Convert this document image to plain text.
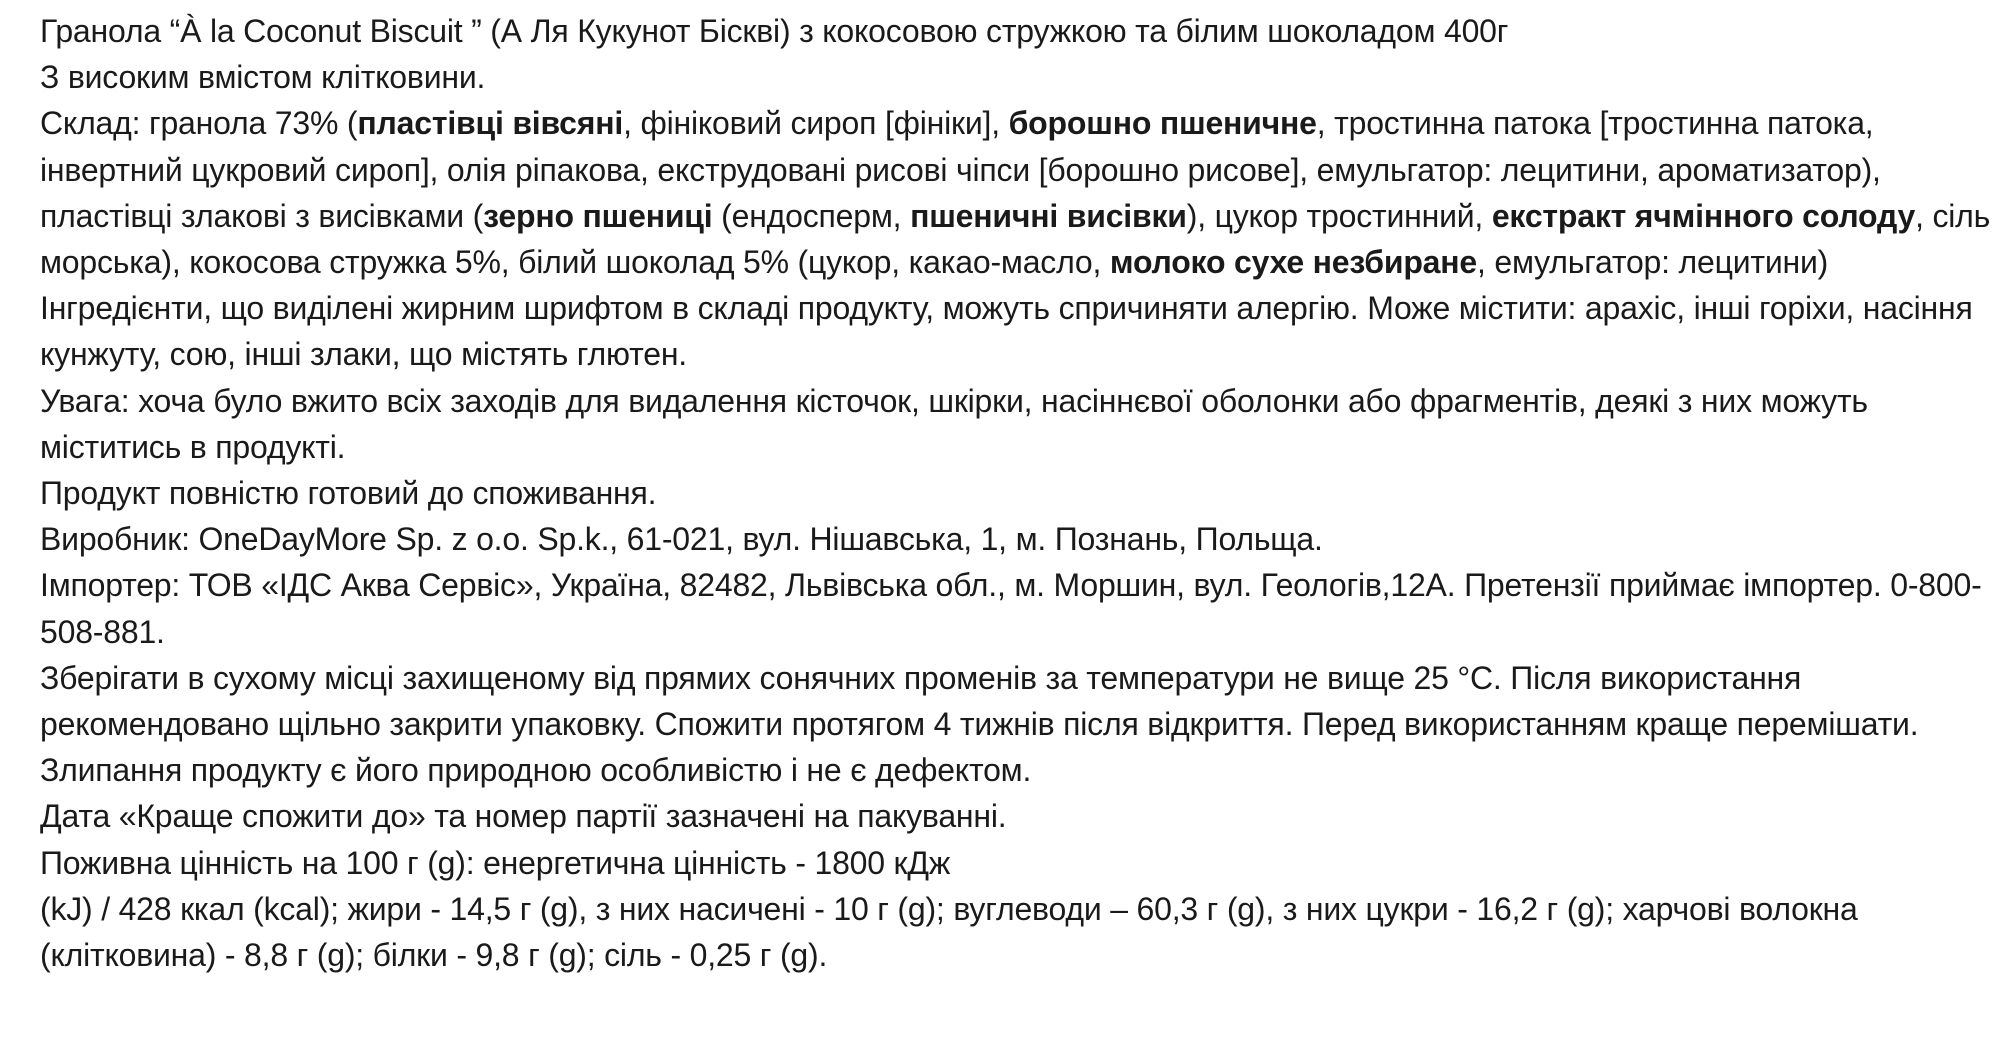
Гранола “À la Coconut Biscuit ” (А Ля Кукунот Бісквi) з кокосовою стружкою та білим шоколадом 400г

З високим вмістом клітковини.

Склад: гранола 73% (пластівці вівсяні, фініковий сироп [фініки], борошно пшеничне, тростинна патока [тростинна патока, інвертний цукровий сироп], олія ріпакова, екструдовані рисові чіпси [борошно рисове], емульгатор: лецитини, ароматизатор), пластівці злакові з висівками (зерно пшениці (ендосперм, пшеничні висівки), цукор тростинний, екстракт ячмінного солоду, сіль морська), кокосова стружка 5%, білий шоколад 5% (цукор, какао-масло, молоко сухе незбиране, емульгатор: лецитини)

Інгредієнти, що виділені жирним шрифтом в складі продукту, можуть спричиняти алергію. Може містити: арахіс, інші горіхи, насіння кунжуту, сою, інші злаки, що містять глютен.

Увага: хоча було вжито всіх заходів для видалення кісточок, шкірки, насіннєвої оболонки або фрагментів, деякі з них можуть міститись в продукті.

Продукт повністю готовий до споживання.

Виробник: OneDayMore Sp. z o.o. Sp.k., 61-021, вул. Нішавська, 1, м. Познань, Польща.

Імпортер: ТОВ «ІДС Аква Сервіс», Україна, 82482, Львівська обл., м. Моршин, вул. Геологів,12А. Претензії приймає імпортер. 0-800-508-881.

Зберігати в сухому місці захищеному від прямих сонячних променів за температури не вище 25 °C. Після використання рекомендовано щільно закрити упаковку. Спожити протягом 4 тижнів після відкриття. Перед використанням краще перемішати. Злипання продукту є його природною особливістю і не є дефектом.

Дата «Краще спожити до» та номер партії зазначені на пакуванні.

Поживна цінність на 100 г (g): енергетична цінність - 1800 кДж

(kJ) / 428 ккал (kcal); жири - 14,5 г (g), з них насичені - 10 г (g); вуглеводи – 60,3 г (g), з них цукри - 16,2 г (g); харчові волокна (клітковина) - 8,8 г (g); білки - 9,8 г (g); сіль - 0,25 г (g).
